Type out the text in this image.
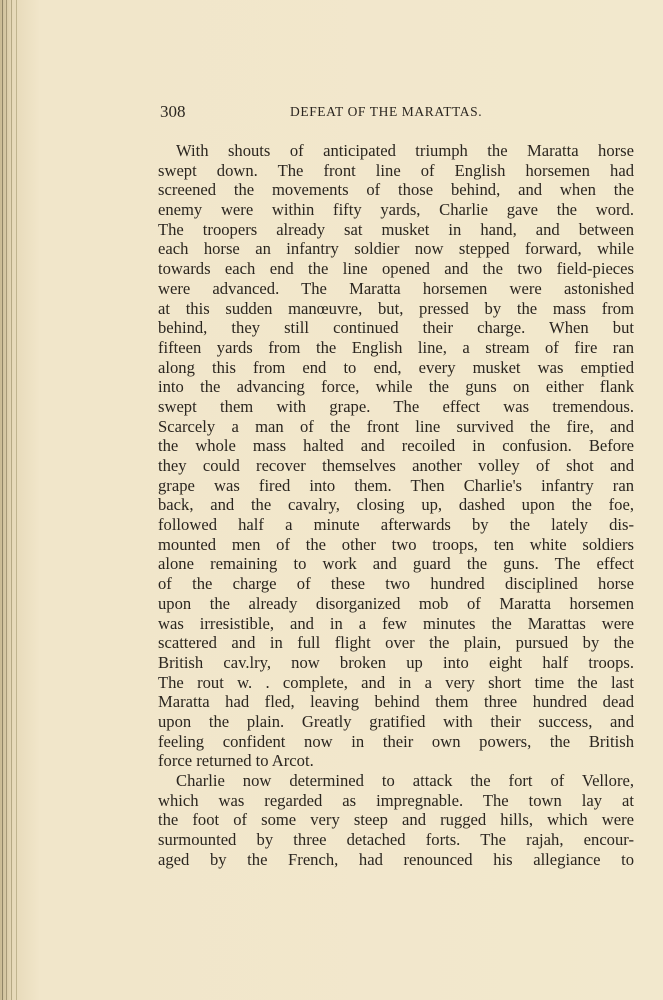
308	DEFEAT OF THE MARATTAS.
With shouts of anticipated triumph the Maratta horse
swept down. The front line of English horsemen had
screened the movements of those behind, and when the
enemy were within fifty yards, Charlie gave the word.
The troopers already sat musket in hand, and between
each horse an infantry soldier now stepped forward, while
towards each end the line opened and the two field-pieces
were advanced. The Maratta horsemen were astonished
at this sudden manœuvre, but, pressed by the mass from
behind, they still continued their charge. When but
fifteen yards from the English line, a stream of fire ran
along this from end to end, every musket was emptied
into the advancing force, while the guns on either flank
swept them with grape. The effect was tremendous.
Scarcely a man of the front line survived the fire, and
the whole mass halted and recoiled in confusion. Before
they could recover themselves another volley of shot and
grape was fired into them. Then Charlie's infantry ran
back, and the cavalry, closing up, dashed upon the foe,
followed half a minute afterwards by the lately dis-
mounted men of the other two troops, ten white soldiers
alone remaining to work and guard the guns. The effect
of the charge of these two hundred disciplined horse
upon the already disorganized mob of Maratta horsemen
was irresistible, and in a few minutes the Marattas were
scattered and in full flight over the plain, pursued by the
British cav.lry, now broken up into eight half troops.
The rout w. . complete, and in a very short time the last
Maratta had fled, leaving behind them three hundred dead
upon the plain. Greatly gratified with their success, and
feeling confident now in their own powers, the British
force returned to Arcot.
Charlie now determined to attack the fort of Vellore,
which was regarded as impregnable. The town lay at
the foot of some very steep and rugged hills, which were
surmounted by three detached forts. The rajah, encour-
aged by the French, had renounced his allegiance to
